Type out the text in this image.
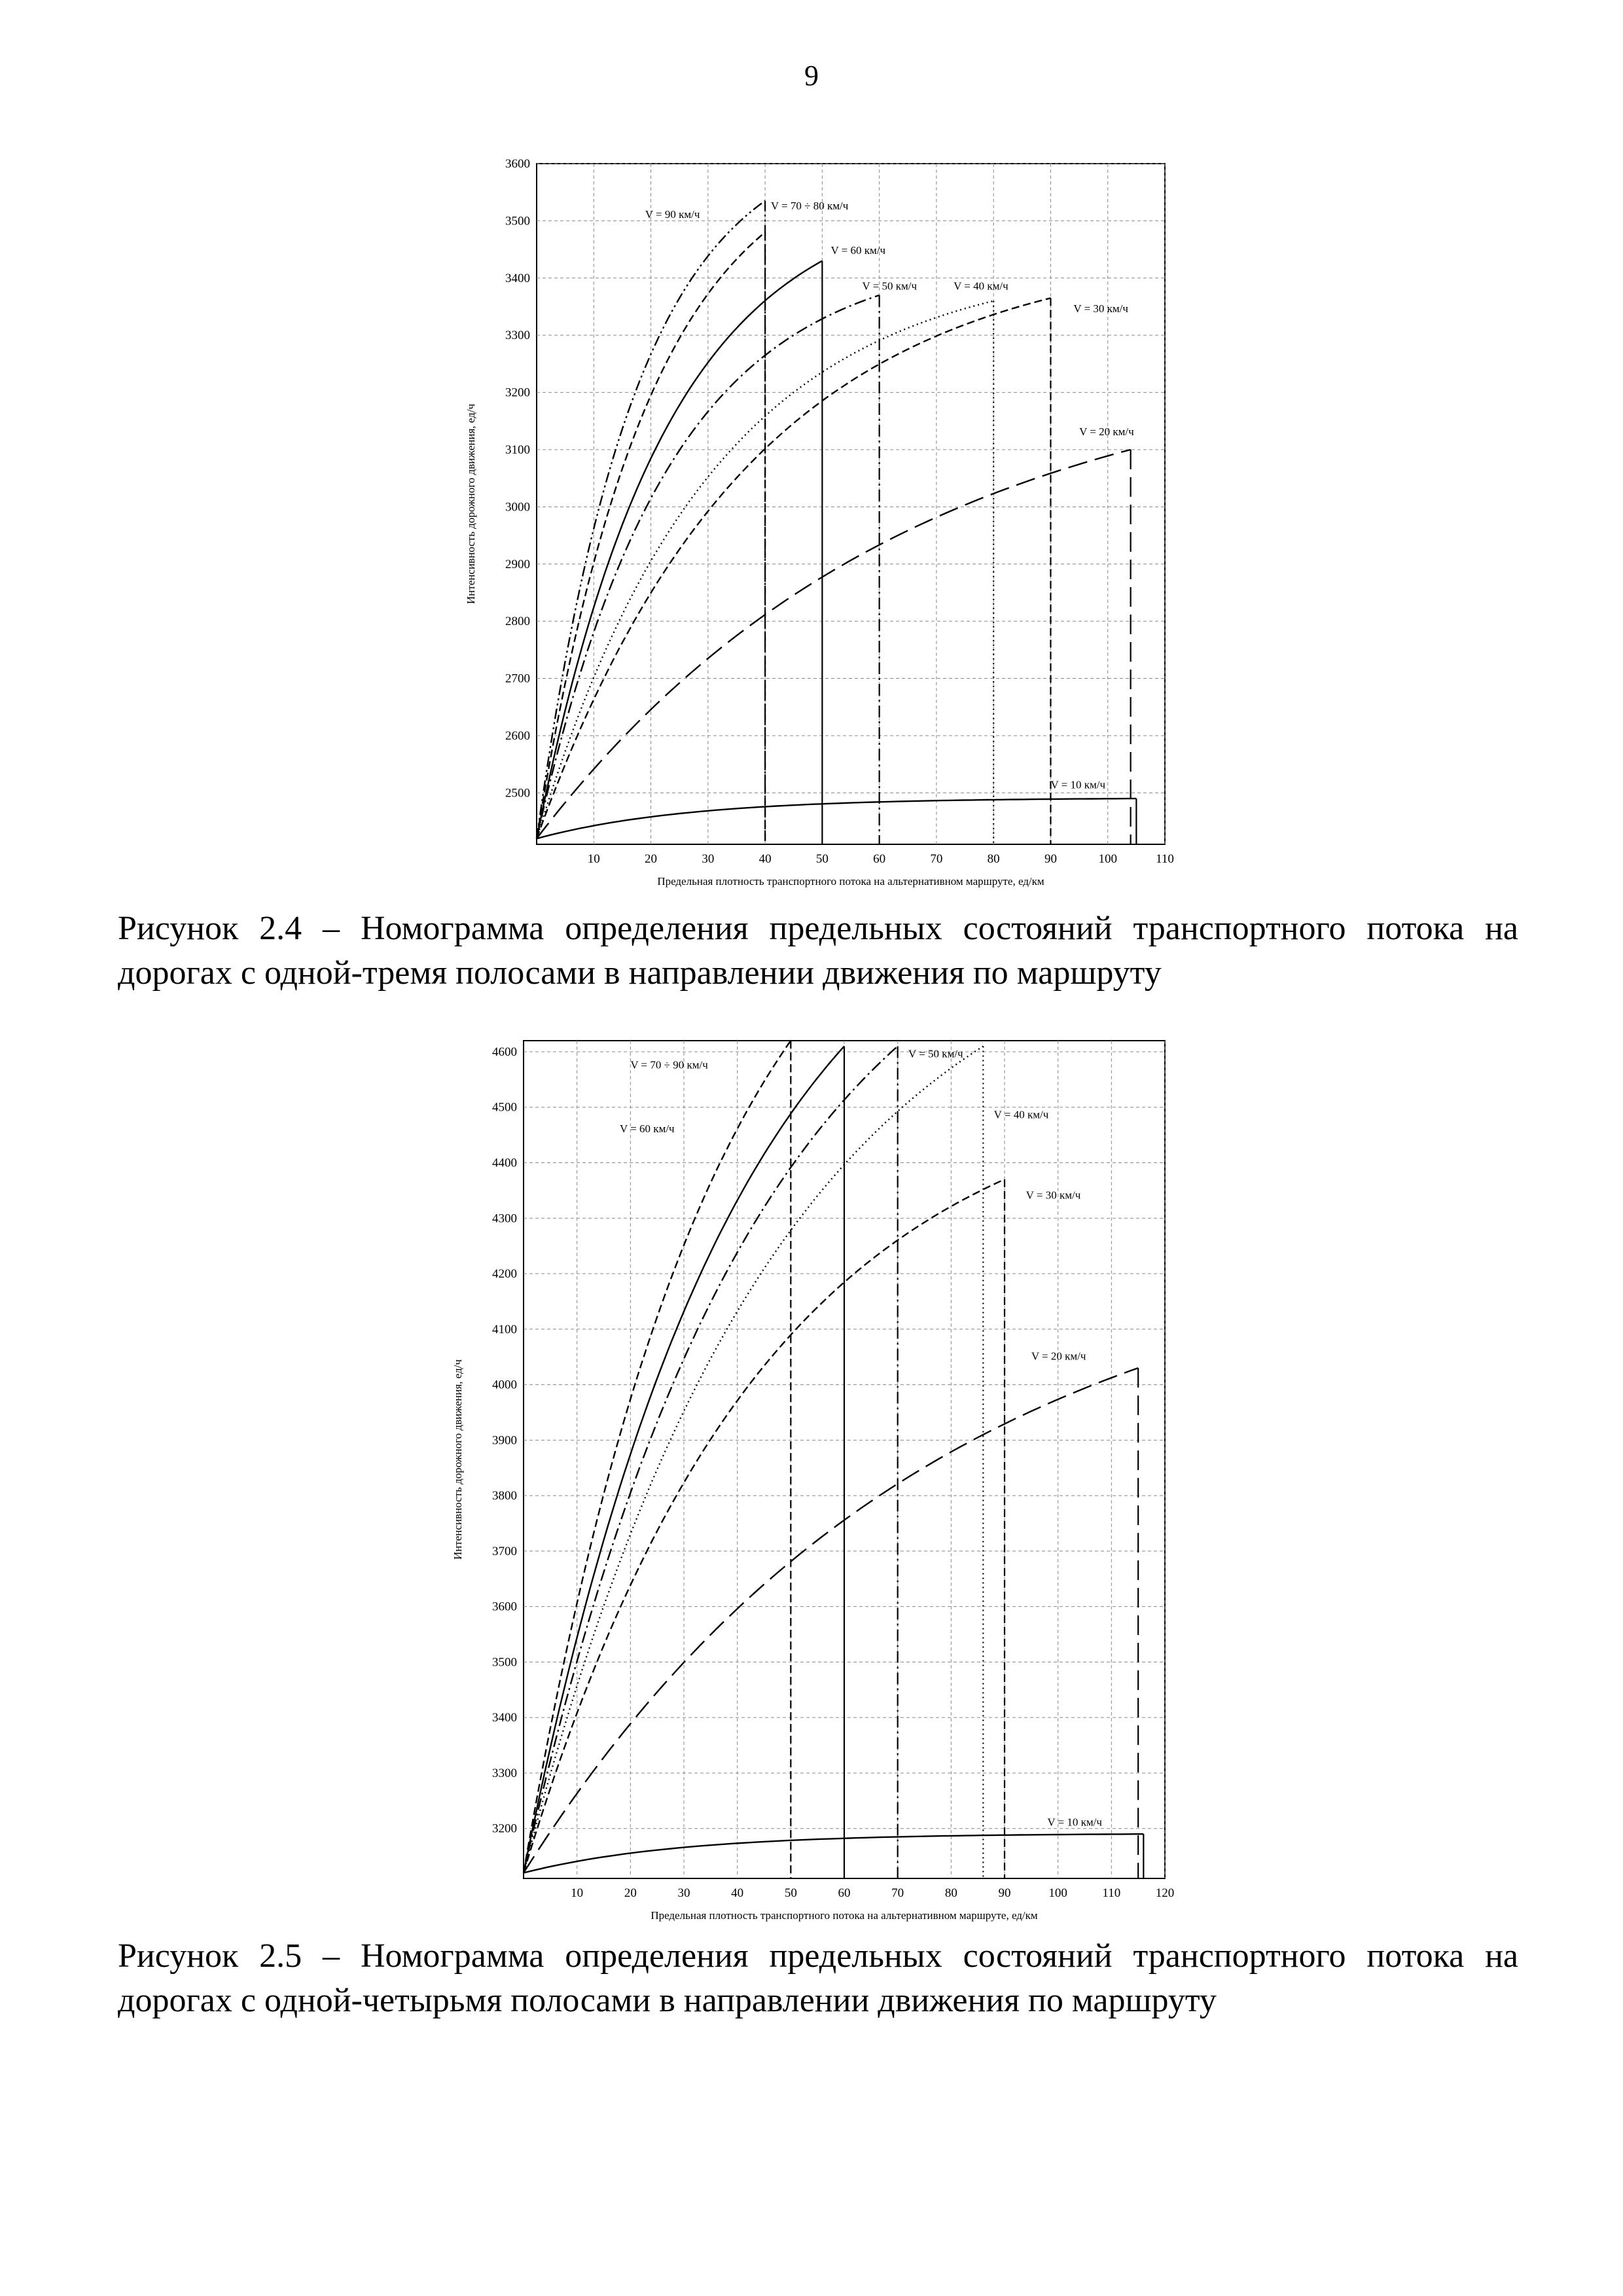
9
10	20	30	40	50	60	70	80	90	100	110
2500
2600
2700
2800
2900
3000
3100
3200
3300
3400
3500
3600
Предельная плотность транспортного потока на альтернативном маршруте, ед/км
Интенсивность дорожного движения, ед/ч
V = 90 км/ч
V = 70 ÷ 80 км/ч
V = 60 км/ч
V = 50 км/ч	V = 40 км/ч
V = 30 км/ч
V = 20 км/ч
V = 10 км/ч
Рисунок 2.4 – Номограмма определения предельных состояний транспортного потока на дорогах с одной-тремя полосами в направлении движения по маршруту
10	20	30	40	50	60	70	80	90	100	110	120
3200
3300
3400
3500
3600
3700
3800
3900
4000
4100
4200
4300
4400
4500
4600
Предельная плотность транспортного потока на альтернативном маршруте, ед/км
Интенсивность дорожного движения, ед/ч
V = 70 ÷ 90 км/ч
V = 60 км/ч
V = 50 км/ч
V = 40 км/ч
V = 30 км/ч
V = 20 км/ч
V = 10 км/ч
Рисунок 2.5 – Номограмма определения предельных состояний транспортного потока на дорогах с одной-четырьмя полосами в направлении движения по маршруту
